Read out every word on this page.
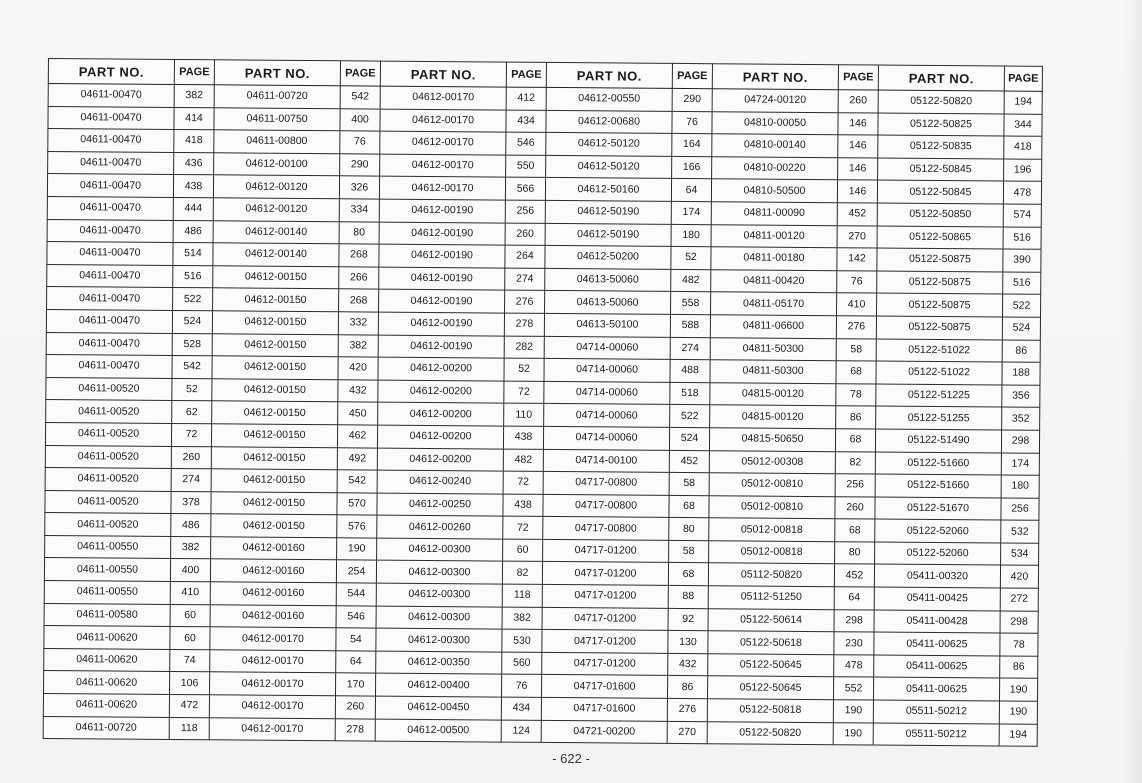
PART NO.	PAGE	PART NO.	PAGE	PART NO.	PAGE	PART NO.	PAGE	PART NO.	PAGE	PART NO.	PAGE
04611-00470	382	04611-00720	542	04612-00170	412	04612-00550	290	04724-00120	260	05122-50820	194
04611-00470	414	04611-00750	400	04612-00170	434	04612-00680	76	04810-00050	146	05122-50825	344
04611-00470	418	04611-00800	76	04612-00170	546	04612-50120	164	04810-00140	146	05122-50835	418
04611-00470	436	04612-00100	290	04612-00170	550	04612-50120	166	04810-00220	146	05122-50845	196
04611-00470	438	04612-00120	326	04612-00170	566	04612-50160	64	04810-50500	146	05122-50845	478
04611-00470	444	04612-00120	334	04612-00190	256	04612-50190	174	04811-00090	452	05122-50850	574
04611-00470	486	04612-00140	80	04612-00190	260	04612-50190	180	04811-00120	270	05122-50865	516
04611-00470	514	04612-00140	268	04612-00190	264	04612-50200	52	04811-00180	142	05122-50875	390
04611-00470	516	04612-00150	266	04612-00190	274	04613-50060	482	04811-00420	76	05122-50875	516
04611-00470	522	04612-00150	268	04612-00190	276	04613-50060	558	04811-05170	410	05122-50875	522
04611-00470	524	04612-00150	332	04612-00190	278	04613-50100	588	04811-06600	276	05122-50875	524
04611-00470	528	04612-00150	382	04612-00190	282	04714-00060	274	04811-50300	58	05122-51022	86
04611-00470	542	04612-00150	420	04612-00200	52	04714-00060	488	04811-50300	68	05122-51022	188
04611-00520	52	04612-00150	432	04612-00200	72	04714-00060	518	04815-00120	78	05122-51225	356
04611-00520	62	04612-00150	450	04612-00200	110	04714-00060	522	04815-00120	86	05122-51255	352
04611-00520	72	04612-00150	462	04612-00200	438	04714-00060	524	04815-50650	68	05122-51490	298
04611-00520	260	04612-00150	492	04612-00200	482	04714-00100	452	05012-00308	82	05122-51660	174
04611-00520	274	04612-00150	542	04612-00240	72	04717-00800	58	05012-00810	256	05122-51660	180
04611-00520	378	04612-00150	570	04612-00250	438	04717-00800	68	05012-00810	260	05122-51670	256
04611-00520	486	04612-00150	576	04612-00260	72	04717-00800	80	05012-00818	68	05122-52060	532
04611-00550	382	04612-00160	190	04612-00300	60	04717-01200	58	05012-00818	80	05122-52060	534
04611-00550	400	04612-00160	254	04612-00300	82	04717-01200	68	05112-50820	452	05411-00320	420
04611-00550	410	04612-00160	544	04612-00300	118	04717-01200	88	05112-51250	64	05411-00425	272
04611-00580	60	04612-00160	546	04612-00300	382	04717-01200	92	05122-50614	298	05411-00428	298
04611-00620	60	04612-00170	54	04612-00300	530	04717-01200	130	05122-50618	230	05411-00625	78
04611-00620	74	04612-00170	64	04612-00350	560	04717-01200	432	05122-50645	478	05411-00625	86
04611-00620	106	04612-00170	170	04612-00400	76	04717-01600	86	05122-50645	552	05411-00625	190
04611-00620	472	04612-00170	260	04612-00450	434	04717-01600	276	05122-50818	190	05511-50212	190
04611-00720	118	04612-00170	278	04612-00500	124	04721-00200	270	05122-50820	190	05511-50212	194
- 622 -
